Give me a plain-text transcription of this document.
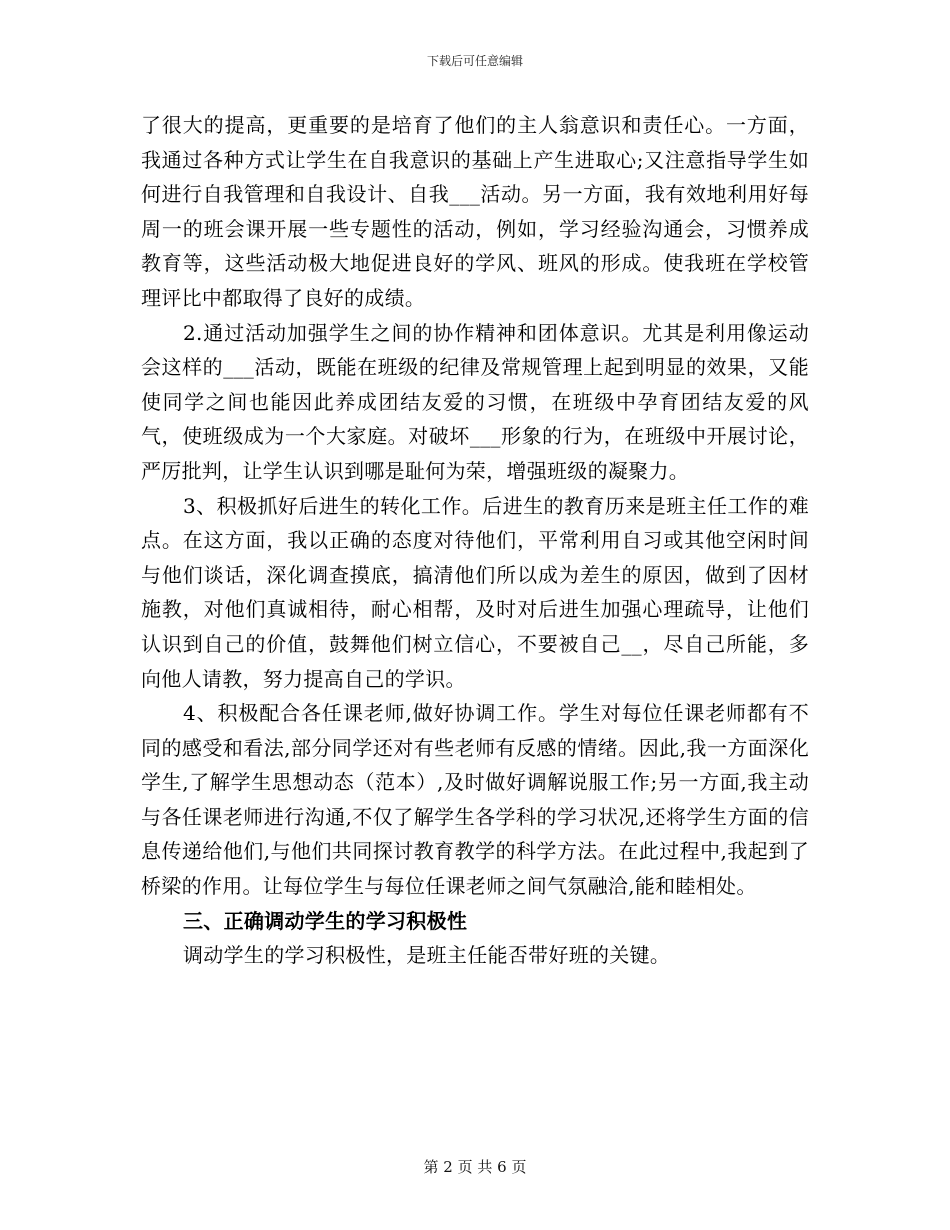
下载后可任意编辑

了很大的提高，更重要的是培育了他们的主人翁意识和责任心。一方面，我通过各种方式让学生在自我意识的基础上产生进取心;又注意指导学生如何进行自我管理和自我设计、自我___活动。另一方面，我有效地利用好每周一的班会课开展一些专题性的活动，例如，学习经验沟通会，习惯养成教育等，这些活动极大地促进良好的学风、班风的形成。使我班在学校管理评比中都取得了良好的成绩。

2.通过活动加强学生之间的协作精神和团体意识。尤其是利用像运动会这样的___活动，既能在班级的纪律及常规管理上起到明显的效果，又能使同学之间也能因此养成团结友爱的习惯，在班级中孕育团结友爱的风气，使班级成为一个大家庭。对破坏___形象的行为，在班级中开展讨论，严厉批判，让学生认识到哪是耻何为荣，增强班级的凝聚力。

3、积极抓好后进生的转化工作。后进生的教育历来是班主任工作的难点。在这方面，我以正确的态度对待他们，平常利用自习或其他空闲时间与他们谈话，深化调查摸底，搞清他们所以成为差生的原因，做到了因材施教，对他们真诚相待，耐心相帮，及时对后进生加强心理疏导，让他们认识到自己的价值，鼓舞他们树立信心，不要被自己__，尽自己所能，多向他人请教，努力提高自己的学识。

4、积极配合各任课老师,做好协调工作。学生对每位任课老师都有不同的感受和看法,部分同学还对有些老师有反感的情绪。因此,我一方面深化学生,了解学生思想动态（范本）,及时做好调解说服工作;另一方面,我主动与各任课老师进行沟通,不仅了解学生各学科的学习状况,还将学生方面的信息传递给他们,与他们共同探讨教育教学的科学方法。在此过程中,我起到了桥梁的作用。让每位学生与每位任课老师之间气氛融洽,能和睦相处。

三、正确调动学生的学习积极性

调动学生的学习积极性，是班主任能否带好班的关键。

第 2 页 共 6 页
